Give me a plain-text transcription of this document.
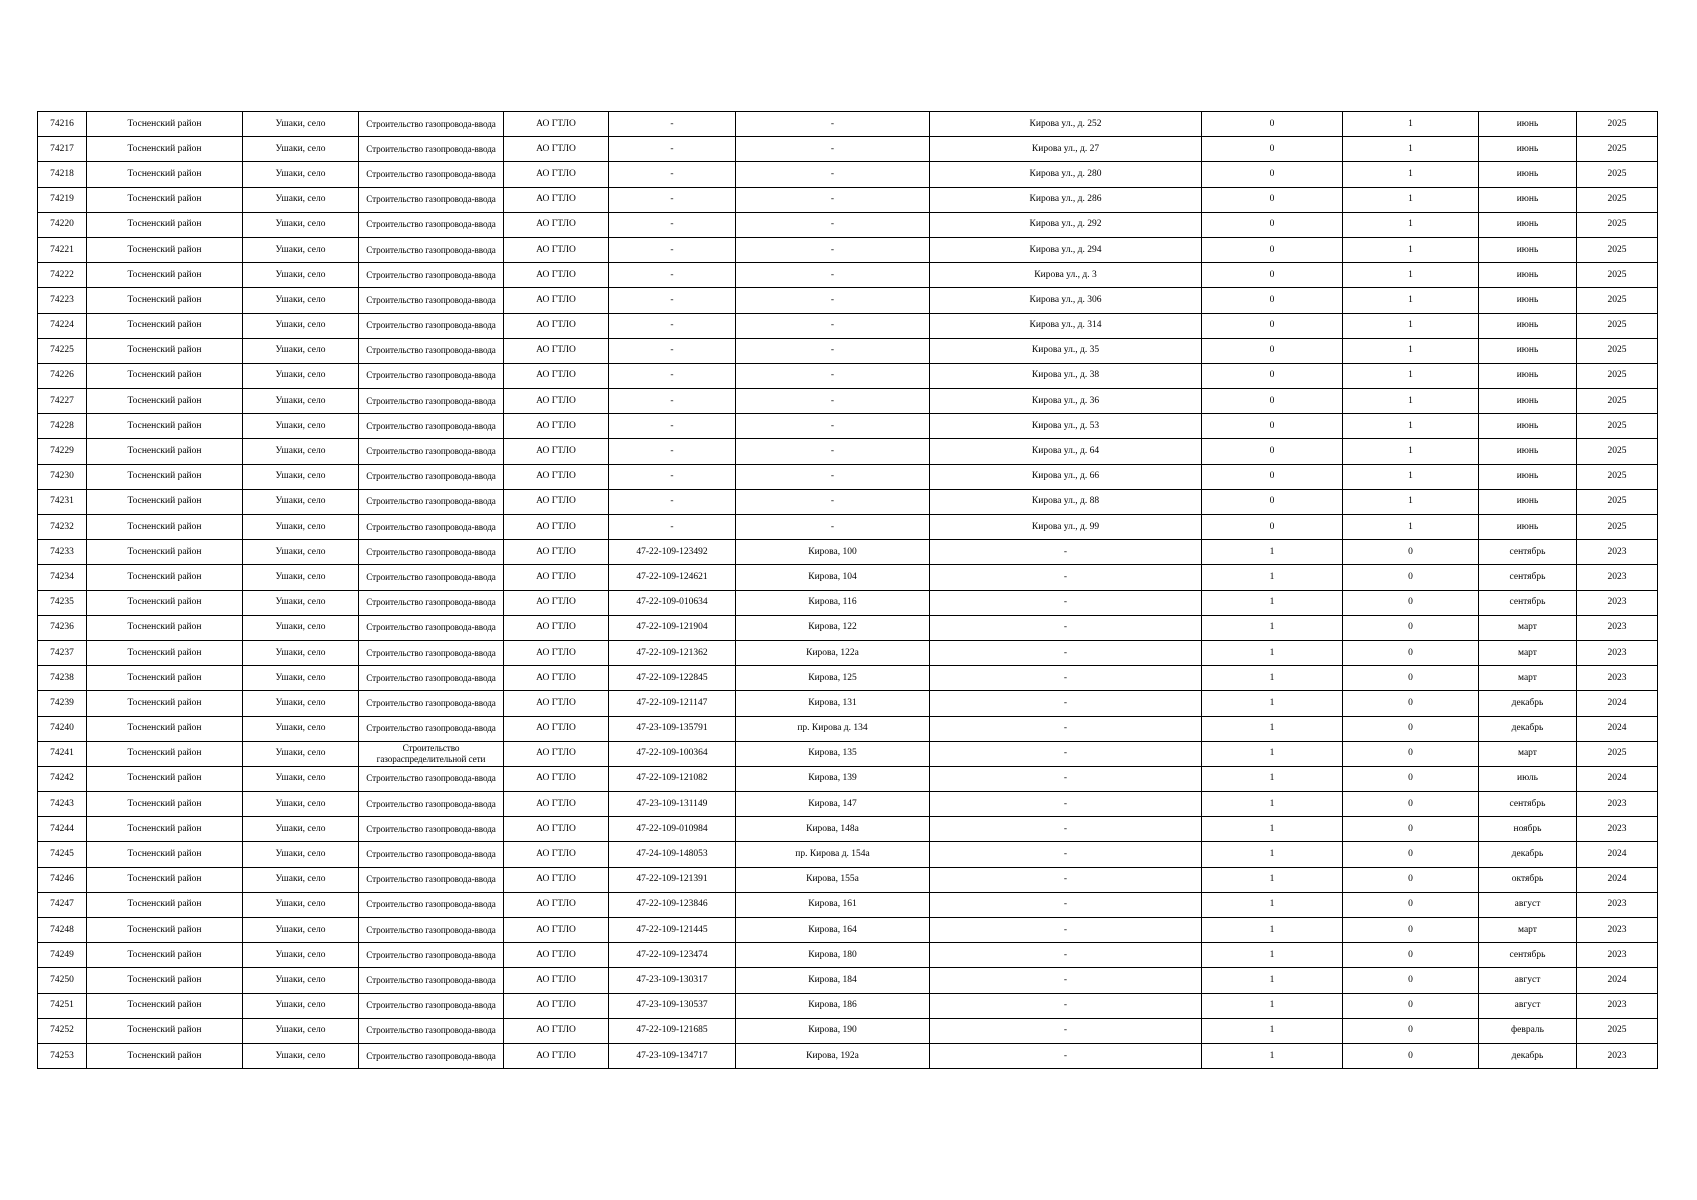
74216	Тосненский район	Ушаки, село	Строительство газопровода-ввода	АО ГТЛО	-	-	Кирова ул., д. 252	0	1	июнь	2025
74217	Тосненский район	Ушаки, село	Строительство газопровода-ввода	АО ГТЛО	-	-	Кирова ул., д. 27	0	1	июнь	2025
74218	Тосненский район	Ушаки, село	Строительство газопровода-ввода	АО ГТЛО	-	-	Кирова ул., д. 280	0	1	июнь	2025
74219	Тосненский район	Ушаки, село	Строительство газопровода-ввода	АО ГТЛО	-	-	Кирова ул., д. 286	0	1	июнь	2025
74220	Тосненский район	Ушаки, село	Строительство газопровода-ввода	АО ГТЛО	-	-	Кирова ул., д. 292	0	1	июнь	2025
74221	Тосненский район	Ушаки, село	Строительство газопровода-ввода	АО ГТЛО	-	-	Кирова ул., д. 294	0	1	июнь	2025
74222	Тосненский район	Ушаки, село	Строительство газопровода-ввода	АО ГТЛО	-	-	Кирова ул., д. 3	0	1	июнь	2025
74223	Тосненский район	Ушаки, село	Строительство газопровода-ввода	АО ГТЛО	-	-	Кирова ул., д. 306	0	1	июнь	2025
74224	Тосненский район	Ушаки, село	Строительство газопровода-ввода	АО ГТЛО	-	-	Кирова ул., д. 314	0	1	июнь	2025
74225	Тосненский район	Ушаки, село	Строительство газопровода-ввода	АО ГТЛО	-	-	Кирова ул., д. 35	0	1	июнь	2025
74226	Тосненский район	Ушаки, село	Строительство газопровода-ввода	АО ГТЛО	-	-	Кирова ул., д. 38	0	1	июнь	2025
74227	Тосненский район	Ушаки, село	Строительство газопровода-ввода	АО ГТЛО	-	-	Кирова ул., д. 36	0	1	июнь	2025
74228	Тосненский район	Ушаки, село	Строительство газопровода-ввода	АО ГТЛО	-	-	Кирова ул., д. 53	0	1	июнь	2025
74229	Тосненский район	Ушаки, село	Строительство газопровода-ввода	АО ГТЛО	-	-	Кирова ул., д. 64	0	1	июнь	2025
74230	Тосненский район	Ушаки, село	Строительство газопровода-ввода	АО ГТЛО	-	-	Кирова ул., д. 66	0	1	июнь	2025
74231	Тосненский район	Ушаки, село	Строительство газопровода-ввода	АО ГТЛО	-	-	Кирова ул., д. 88	0	1	июнь	2025
74232	Тосненский район	Ушаки, село	Строительство газопровода-ввода	АО ГТЛО	-	-	Кирова ул., д. 99	0	1	июнь	2025
74233	Тосненский район	Ушаки, село	Строительство газопровода-ввода	АО ГТЛО	47-22-109-123492	Кирова, 100	-	1	0	сентябрь	2023
74234	Тосненский район	Ушаки, село	Строительство газопровода-ввода	АО ГТЛО	47-22-109-124621	Кирова, 104	-	1	0	сентябрь	2023
74235	Тосненский район	Ушаки, село	Строительство газопровода-ввода	АО ГТЛО	47-22-109-010634	Кирова, 116	-	1	0	сентябрь	2023
74236	Тосненский район	Ушаки, село	Строительство газопровода-ввода	АО ГТЛО	47-22-109-121904	Кирова, 122	-	1	0	март	2023
74237	Тосненский район	Ушаки, село	Строительство газопровода-ввода	АО ГТЛО	47-22-109-121362	Кирова, 122а	-	1	0	март	2023
74238	Тосненский район	Ушаки, село	Строительство газопровода-ввода	АО ГТЛО	47-22-109-122845	Кирова, 125	-	1	0	март	2023
74239	Тосненский район	Ушаки, село	Строительство газопровода-ввода	АО ГТЛО	47-22-109-121147	Кирова, 131	-	1	0	декабрь	2024
74240	Тосненский район	Ушаки, село	Строительство газопровода-ввода	АО ГТЛО	47-23-109-135791	пр. Кирова д. 134	-	1	0	декабрь	2024
74241	Тосненский район	Ушаки, село	Строительство газораспределительной сети	АО ГТЛО	47-22-109-100364	Кирова, 135	-	1	0	март	2025
74242	Тосненский район	Ушаки, село	Строительство газопровода-ввода	АО ГТЛО	47-22-109-121082	Кирова, 139	-	1	0	июль	2024
74243	Тосненский район	Ушаки, село	Строительство газопровода-ввода	АО ГТЛО	47-23-109-131149	Кирова, 147	-	1	0	сентябрь	2023
74244	Тосненский район	Ушаки, село	Строительство газопровода-ввода	АО ГТЛО	47-22-109-010984	Кирова, 148а	-	1	0	ноябрь	2023
74245	Тосненский район	Ушаки, село	Строительство газопровода-ввода	АО ГТЛО	47-24-109-148053	пр. Кирова д. 154а	-	1	0	декабрь	2024
74246	Тосненский район	Ушаки, село	Строительство газопровода-ввода	АО ГТЛО	47-22-109-121391	Кирова, 155а	-	1	0	октябрь	2024
74247	Тосненский район	Ушаки, село	Строительство газопровода-ввода	АО ГТЛО	47-22-109-123846	Кирова, 161	-	1	0	август	2023
74248	Тосненский район	Ушаки, село	Строительство газопровода-ввода	АО ГТЛО	47-22-109-121445	Кирова, 164	-	1	0	март	2023
74249	Тосненский район	Ушаки, село	Строительство газопровода-ввода	АО ГТЛО	47-22-109-123474	Кирова, 180	-	1	0	сентябрь	2023
74250	Тосненский район	Ушаки, село	Строительство газопровода-ввода	АО ГТЛО	47-23-109-130317	Кирова, 184	-	1	0	август	2024
74251	Тосненский район	Ушаки, село	Строительство газопровода-ввода	АО ГТЛО	47-23-109-130537	Кирова, 186	-	1	0	август	2023
74252	Тосненский район	Ушаки, село	Строительство газопровода-ввода	АО ГТЛО	47-22-109-121685	Кирова, 190	-	1	0	февраль	2025
74253	Тосненский район	Ушаки, село	Строительство газопровода-ввода	АО ГТЛО	47-23-109-134717	Кирова, 192а	-	1	0	декабрь	2023
